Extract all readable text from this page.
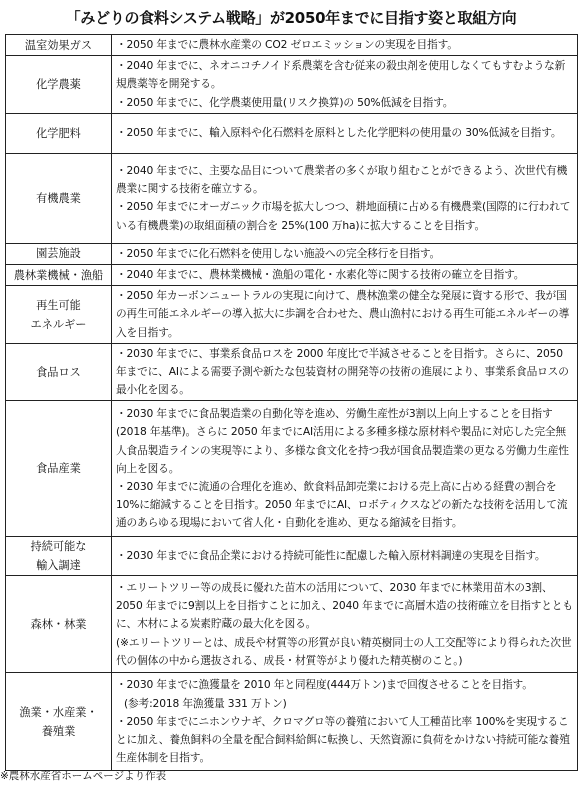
「みどりの食料システム戦略」が2050年までに目指す姿と取組方向
温室効果ガス	・2050 年までに農林水産業の CO2 ゼロエミッションの実現を目指す。

化学農薬	・2040 年までに、ネオニコチノイド系農薬を含む従来の殺虫剤を使用しなくてもすむような新規農薬等を開発する。
・2050 年までに、化学農薬使用量(リスク換算)の 50%低減を目指す。

化学肥料	・2050 年までに、輸入原料や化石燃料を原料とした化学肥料の使用量の 30%低減を目指す。

有機農業	・2040 年までに、主要な品目について農業者の多くが取り組むことができるよう、次世代有機農業に関する技術を確立する。
・2050 年までにオーガニック市場を拡大しつつ、耕地面積に占める有機農業(国際的に行われている有機農業)の取組面積の割合を 25%(100 万ha)に拡大することを目指す。

園芸施設	・2050 年までに化石燃料を使用しない施設への完全移行を目指す。

農林業機械・漁船	・2040 年までに、農林業機械・漁船の電化・水素化等に関する技術の確立を目指す。

再生可能
エネルギー	・2050 年カーボンニュートラルの実現に向けて、農林漁業の健全な発展に資する形で、我が国の再生可能エネルギーの導入拡大に歩調を合わせた、農山漁村における再生可能エネルギーの導入を目指す。

食品ロス	・2030 年までに、事業系食品ロスを 2000 年度比で半減させることを目指す。さらに、2050 年までに、AIによる需要予測や新たな包装資材の開発等の技術の進展により、事業系食品ロスの最小化を図る。

食品産業	・2030 年までに食品製造業の自動化等を進め、労働生産性が3割以上向上することを目指す(2018 年基準)。さらに 2050 年までにAI活用による多種多様な原材料や製品に対応した完全無人食品製造ラインの実現等により、多様な食文化を持つ我が国食品製造業の更なる労働力生産性向上を図る。
・2030 年までに流通の合理化を進め、飲食料品卸売業における売上高に占める経費の割合を 10%に縮減することを目指す。2050 年までにAI、ロボティクスなどの新たな技術を活用して流通のあらゆる現場において省人化・自動化を進め、更なる縮減を目指す。

持続可能な
輸入調達	・2030 年までに食品企業における持続可能性に配慮した輸入原材料調達の実現を目指す。

森林・林業	・エリートツリー等の成長に優れた苗木の活用について、2030 年までに林業用苗木の3割、2050 年までに9割以上を目指すことに加え、2040 年までに高層木造の技術確立を目指すとともに、木材による炭素貯蔵の最大化を図る。
(※エリートツリーとは、成長や材質等の形質が良い精英樹同士の人工交配等により得られた次世代の個体の中から選抜される、成長・材質等がより優れた精英樹のこと。)

漁業・水産業・
養殖業	・2030 年までに漁獲量を 2010 年と同程度(444万トン)まで回復させることを目指す。
(参考:2018 年漁獲量 331 万トン)
・2050 年までにニホンウナギ、クロマグロ等の養殖において人工種苗比率 100%を実現することに加え、養魚飼料の全量を配合飼料給餌に転換し、天然資源に負荷をかけない持続可能な養殖生産体制を目指す。
※農林水産省ホームページより作表
